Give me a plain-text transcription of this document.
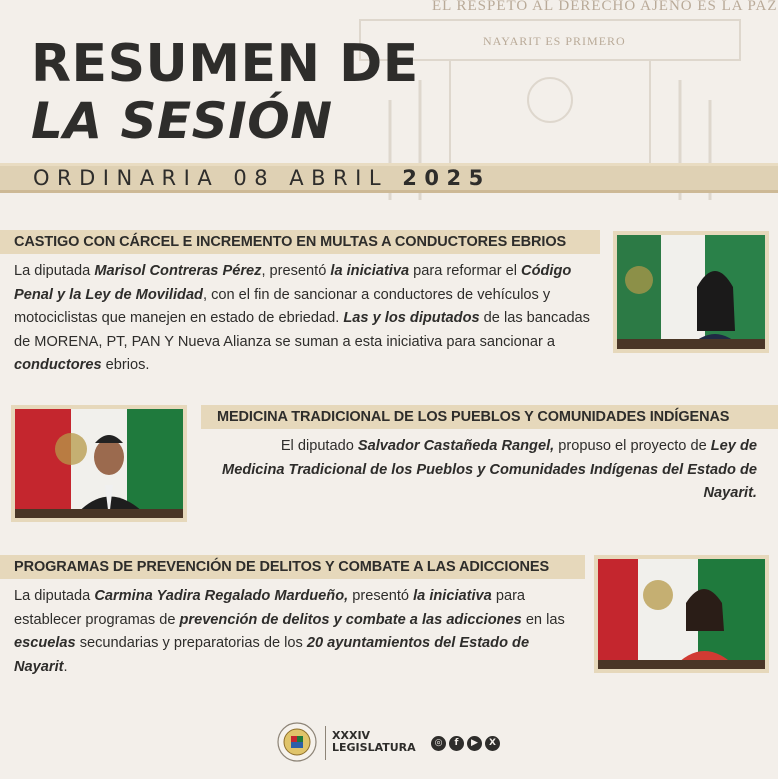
EL RESPETO AL DERECHO AJENO ES LA PAZ
NAYARIT ES PRIMERO
RESUMEN DE
LA SESIÓN
ORDINARIA 08 ABRIL 2025
CASTIGO CON CÁRCEL E INCREMENTO EN MULTAS A CONDUCTORES EBRIOS
La diputada Marisol Contreras Pérez, presentó la iniciativa para reformar el Código Penal y la Ley de Movilidad, con el fin de sancionar a conductores de vehículos y motociclistas que manejen en estado de ebriedad. Las y los diputados de las bancadas de MORENA, PT, PAN Y Nueva Alianza se suman a esta iniciativa para sancionar a conductores ebrios.
MEDICINA TRADICIONAL DE LOS PUEBLOS Y COMUNIDADES INDÍGENAS
El diputado Salvador Castañeda Rangel, propuso el proyecto de Ley de Medicina Tradicional de los Pueblos y Comunidades Indígenas del Estado de Nayarit.
PROGRAMAS DE PREVENCIÓN DE DELITOS Y COMBATE A LAS ADICCIONES
La diputada Carmina Yadira Regalado Mardueño, presentó la iniciativa para establecer programas de prevención de delitos y combate a las adicciones en las escuelas secundarias y preparatorias de los 20 ayuntamientos del Estado de Nayarit.
XXXIV
LEGISLATURA	◎	f	▶	X
